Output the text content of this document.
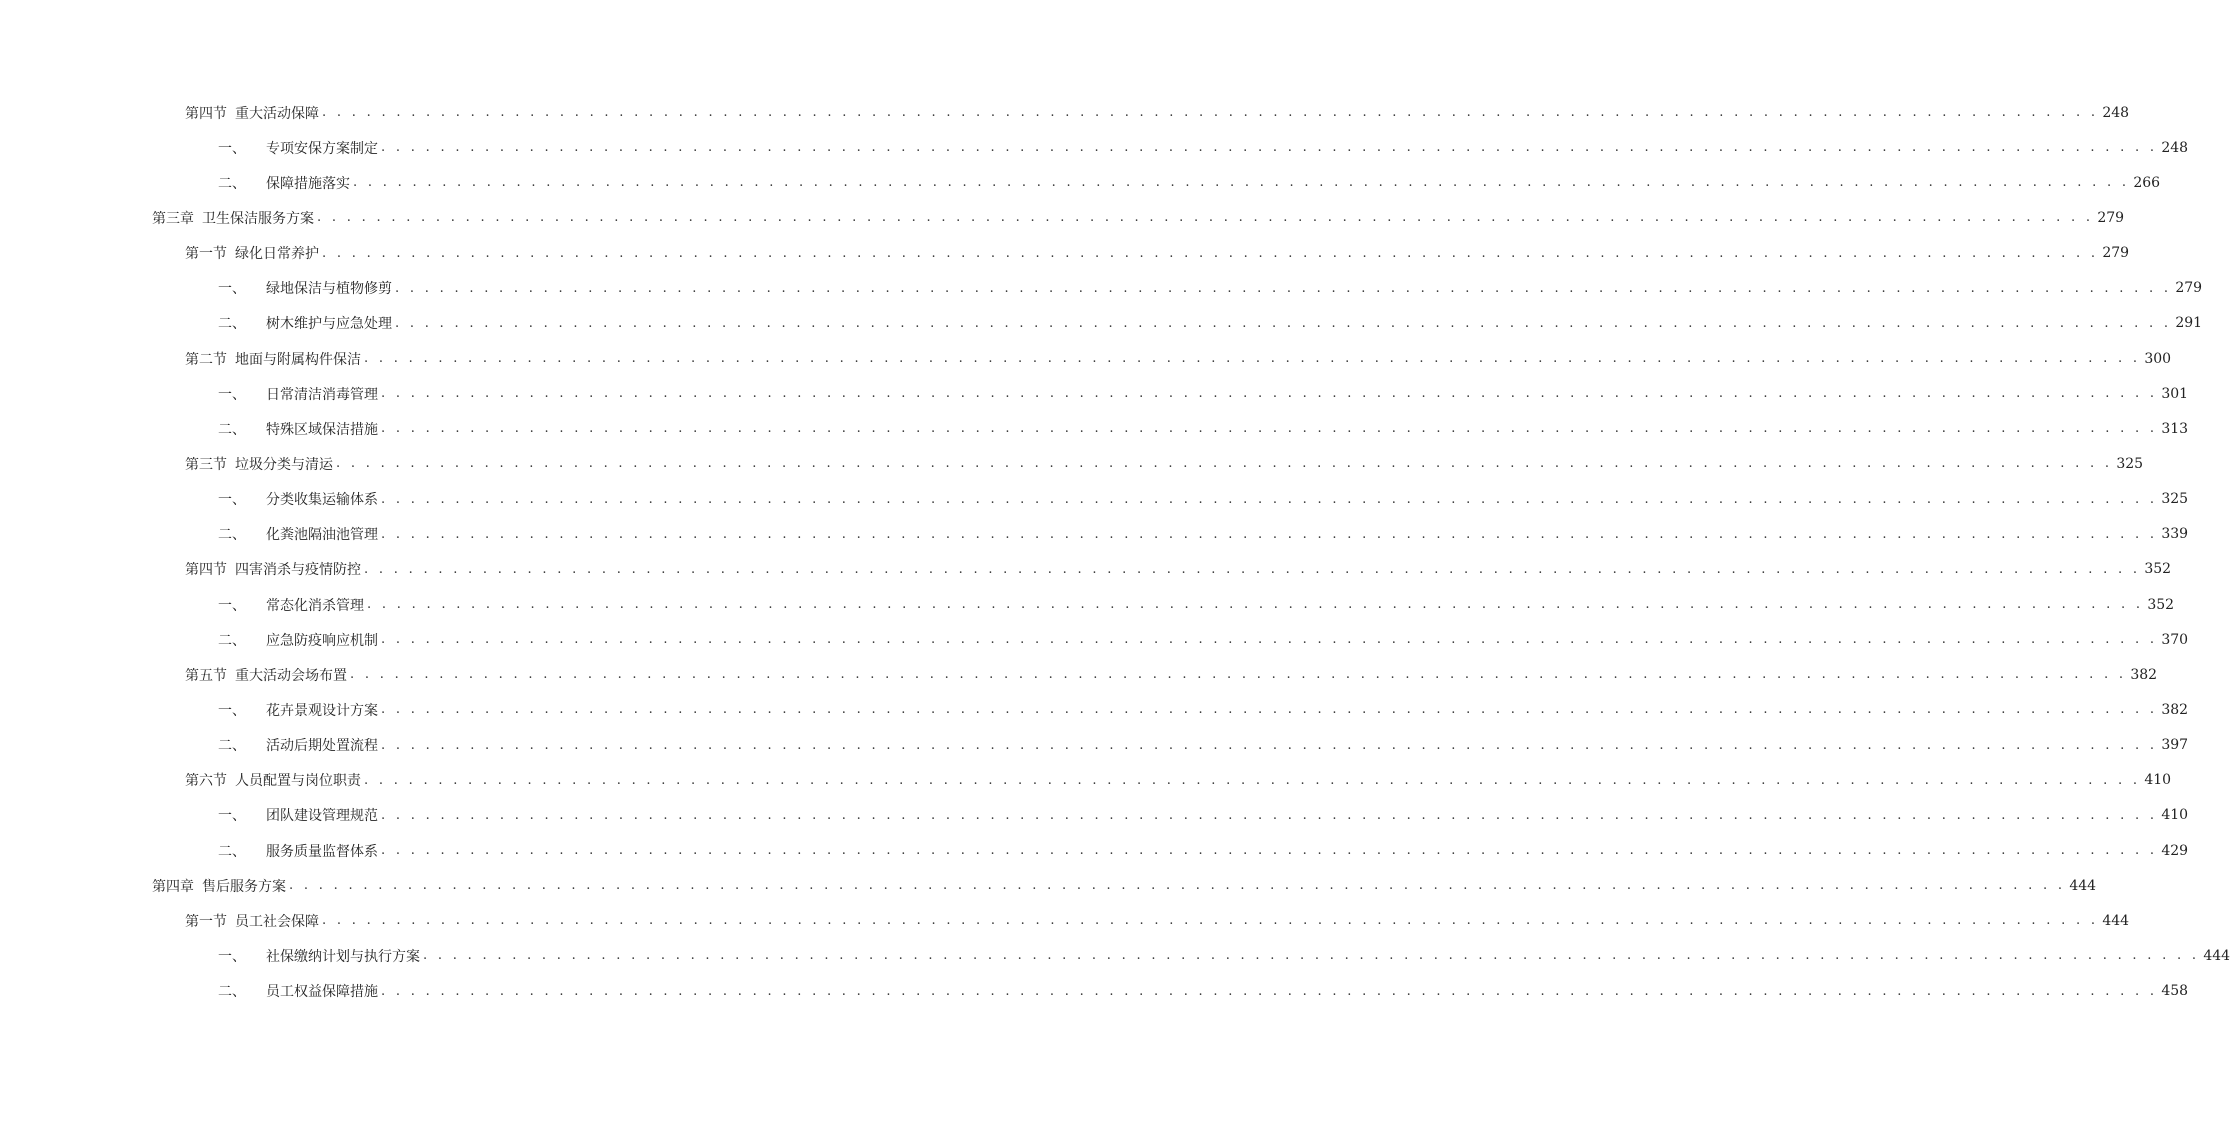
第四节 重大活动保障 . . . . . . . . . . . . . . . . . . . . . . . . . . . . . . . . . . . . . . . . . . . . . . . . . . . . . . . . . . . . . . . . . . . . . . . . . . . . . . . . . . . . . . . . . . . . . . . . . . . . . . . . . . . . . . . . . . . . . . . . 248
一、 专项安保方案制定 . . . . . . . . . . . . . . . . . . . . . . . . . . . . . . . . . . . . . . . . . . . . . . . . . . . . . . . . . . . . . . . . . . . . . . . . . . . . . . . . . . . . . . . . . . . . . . . . . . . . . . . . . . . . . . . . . . . . . . . . 248
二、 保障措施落实 . . . . . . . . . . . . . . . . . . . . . . . . . . . . . . . . . . . . . . . . . . . . . . . . . . . . . . . . . . . . . . . . . . . . . . . . . . . . . . . . . . . . . . . . . . . . . . . . . . . . . . . . . . . . . . . . . . . . . . . . 266
第三章 卫生保洁服务方案 . . . . . . . . . . . . . . . . . . . . . . . . . . . . . . . . . . . . . . . . . . . . . . . . . . . . . . . . . . . . . . . . . . . . . . . . . . . . . . . . . . . . . . . . . . . . . . . . . . . . . . . . . . . . . . . . . . . . . . . . 279
第一节 绿化日常养护 . . . . . . . . . . . . . . . . . . . . . . . . . . . . . . . . . . . . . . . . . . . . . . . . . . . . . . . . . . . . . . . . . . . . . . . . . . . . . . . . . . . . . . . . . . . . . . . . . . . . . . . . . . . . . . . . . . . . . . . . 279
一、 绿地保洁与植物修剪 . . . . . . . . . . . . . . . . . . . . . . . . . . . . . . . . . . . . . . . . . . . . . . . . . . . . . . . . . . . . . . . . . . . . . . . . . . . . . . . . . . . . . . . . . . . . . . . . . . . . . . . . . . . . . . . . . . . . . . . . 279
二、 树木维护与应急处理 . . . . . . . . . . . . . . . . . . . . . . . . . . . . . . . . . . . . . . . . . . . . . . . . . . . . . . . . . . . . . . . . . . . . . . . . . . . . . . . . . . . . . . . . . . . . . . . . . . . . . . . . . . . . . . . . . . . . . . . . 291
第二节 地面与附属构件保洁 . . . . . . . . . . . . . . . . . . . . . . . . . . . . . . . . . . . . . . . . . . . . . . . . . . . . . . . . . . . . . . . . . . . . . . . . . . . . . . . . . . . . . . . . . . . . . . . . . . . . . . . . . . . . . . . . . . . . . . . . 300
一、 日常清洁消毒管理 . . . . . . . . . . . . . . . . . . . . . . . . . . . . . . . . . . . . . . . . . . . . . . . . . . . . . . . . . . . . . . . . . . . . . . . . . . . . . . . . . . . . . . . . . . . . . . . . . . . . . . . . . . . . . . . . . . . . . . . . 301
二、 特殊区域保洁措施 . . . . . . . . . . . . . . . . . . . . . . . . . . . . . . . . . . . . . . . . . . . . . . . . . . . . . . . . . . . . . . . . . . . . . . . . . . . . . . . . . . . . . . . . . . . . . . . . . . . . . . . . . . . . . . . . . . . . . . . . 313
第三节 垃圾分类与清运 . . . . . . . . . . . . . . . . . . . . . . . . . . . . . . . . . . . . . . . . . . . . . . . . . . . . . . . . . . . . . . . . . . . . . . . . . . . . . . . . . . . . . . . . . . . . . . . . . . . . . . . . . . . . . . . . . . . . . . . . 325
一、 分类收集运输体系 . . . . . . . . . . . . . . . . . . . . . . . . . . . . . . . . . . . . . . . . . . . . . . . . . . . . . . . . . . . . . . . . . . . . . . . . . . . . . . . . . . . . . . . . . . . . . . . . . . . . . . . . . . . . . . . . . . . . . . . . 325
二、 化粪池隔油池管理 . . . . . . . . . . . . . . . . . . . . . . . . . . . . . . . . . . . . . . . . . . . . . . . . . . . . . . . . . . . . . . . . . . . . . . . . . . . . . . . . . . . . . . . . . . . . . . . . . . . . . . . . . . . . . . . . . . . . . . . . 339
第四节 四害消杀与疫情防控 . . . . . . . . . . . . . . . . . . . . . . . . . . . . . . . . . . . . . . . . . . . . . . . . . . . . . . . . . . . . . . . . . . . . . . . . . . . . . . . . . . . . . . . . . . . . . . . . . . . . . . . . . . . . . . . . . . . . . . . . 352
一、 常态化消杀管理 . . . . . . . . . . . . . . . . . . . . . . . . . . . . . . . . . . . . . . . . . . . . . . . . . . . . . . . . . . . . . . . . . . . . . . . . . . . . . . . . . . . . . . . . . . . . . . . . . . . . . . . . . . . . . . . . . . . . . . . . 352
二、 应急防疫响应机制 . . . . . . . . . . . . . . . . . . . . . . . . . . . . . . . . . . . . . . . . . . . . . . . . . . . . . . . . . . . . . . . . . . . . . . . . . . . . . . . . . . . . . . . . . . . . . . . . . . . . . . . . . . . . . . . . . . . . . . . . 370
第五节 重大活动会场布置 . . . . . . . . . . . . . . . . . . . . . . . . . . . . . . . . . . . . . . . . . . . . . . . . . . . . . . . . . . . . . . . . . . . . . . . . . . . . . . . . . . . . . . . . . . . . . . . . . . . . . . . . . . . . . . . . . . . . . . . . 382
一、 花卉景观设计方案 . . . . . . . . . . . . . . . . . . . . . . . . . . . . . . . . . . . . . . . . . . . . . . . . . . . . . . . . . . . . . . . . . . . . . . . . . . . . . . . . . . . . . . . . . . . . . . . . . . . . . . . . . . . . . . . . . . . . . . . . 382
二、 活动后期处置流程 . . . . . . . . . . . . . . . . . . . . . . . . . . . . . . . . . . . . . . . . . . . . . . . . . . . . . . . . . . . . . . . . . . . . . . . . . . . . . . . . . . . . . . . . . . . . . . . . . . . . . . . . . . . . . . . . . . . . . . . . 397
第六节 人员配置与岗位职责 . . . . . . . . . . . . . . . . . . . . . . . . . . . . . . . . . . . . . . . . . . . . . . . . . . . . . . . . . . . . . . . . . . . . . . . . . . . . . . . . . . . . . . . . . . . . . . . . . . . . . . . . . . . . . . . . . . . . . . . . 410
一、 团队建设管理规范 . . . . . . . . . . . . . . . . . . . . . . . . . . . . . . . . . . . . . . . . . . . . . . . . . . . . . . . . . . . . . . . . . . . . . . . . . . . . . . . . . . . . . . . . . . . . . . . . . . . . . . . . . . . . . . . . . . . . . . . . 410
二、 服务质量监督体系 . . . . . . . . . . . . . . . . . . . . . . . . . . . . . . . . . . . . . . . . . . . . . . . . . . . . . . . . . . . . . . . . . . . . . . . . . . . . . . . . . . . . . . . . . . . . . . . . . . . . . . . . . . . . . . . . . . . . . . . . 429
第四章 售后服务方案 . . . . . . . . . . . . . . . . . . . . . . . . . . . . . . . . . . . . . . . . . . . . . . . . . . . . . . . . . . . . . . . . . . . . . . . . . . . . . . . . . . . . . . . . . . . . . . . . . . . . . . . . . . . . . . . . . . . . . . . . 444
第一节 员工社会保障 . . . . . . . . . . . . . . . . . . . . . . . . . . . . . . . . . . . . . . . . . . . . . . . . . . . . . . . . . . . . . . . . . . . . . . . . . . . . . . . . . . . . . . . . . . . . . . . . . . . . . . . . . . . . . . . . . . . . . . . . 444
一、 社保缴纳计划与执行方案 . . . . . . . . . . . . . . . . . . . . . . . . . . . . . . . . . . . . . . . . . . . . . . . . . . . . . . . . . . . . . . . . . . . . . . . . . . . . . . . . . . . . . . . . . . . . . . . . . . . . . . . . . . . . . . . . . . . . . . . . 444
二、 员工权益保障措施 . . . . . . . . . . . . . . . . . . . . . . . . . . . . . . . . . . . . . . . . . . . . . . . . . . . . . . . . . . . . . . . . . . . . . . . . . . . . . . . . . . . . . . . . . . . . . . . . . . . . . . . . . . . . . . . . . . . . . . . . 458
